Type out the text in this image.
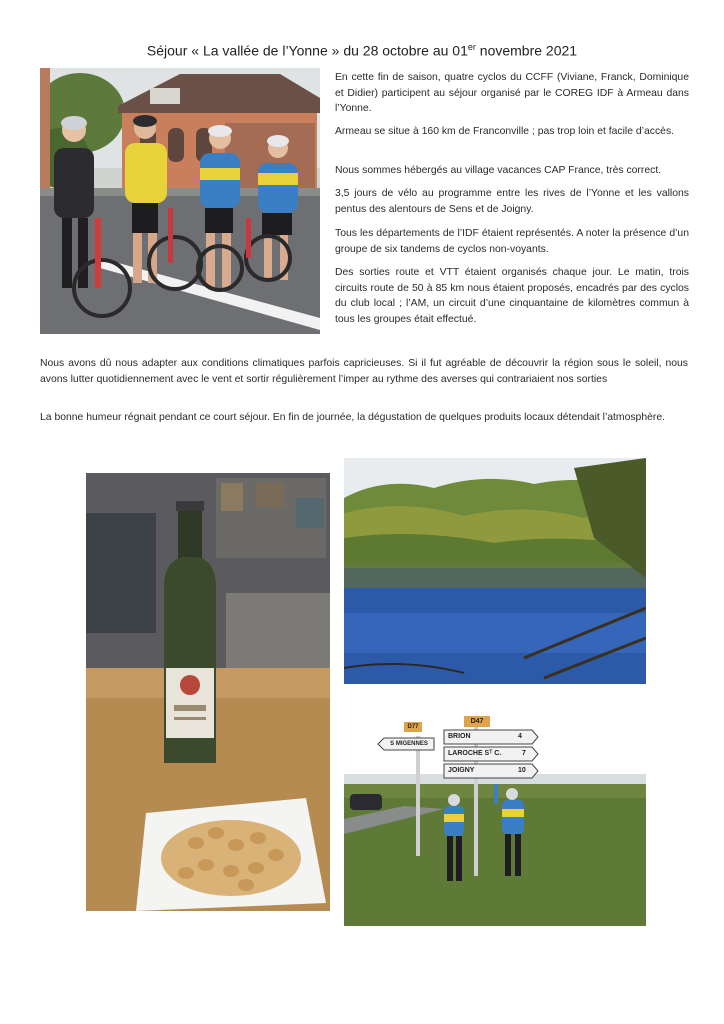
Séjour « La vallée de l’Yonne » du 28 octobre au 01er novembre 2021

En cette fin de saison, quatre cyclos du CCFF (Viviane, Franck, Dominique et Didier) participent au séjour organisé par le COREG IDF à Armeau dans l’Yonne.

Armeau se situe à 160 km de Franconville ; pas trop loin et facile d’accès.

Nous sommes hébergés au village vacances CAP France, très correct.

3,5 jours de vélo au programme entre les rives de l’Yonne et les vallons pentus des alentours de Sens et de Joigny.

Tous les départements de l’IDF étaient représentés. A noter la présence d’un groupe de six tandems de cyclos non-voyants.

Des sorties route et VTT étaient organisés chaque jour. Le matin, trois circuits route de 50 à 85 km nous étaient proposés, encadrés par des cyclos du club local ; l’AM, un circuit d’une cinquantaine de kilomètres commun à tous les groupes était effectué.

Nous avons dû nous adapter aux conditions climatiques parfois capricieuses. Si il fut agréable de découvrir la région sous le soleil, nous avons lutter quotidiennement avec le vent et sortir régulièrement l’imper au rythme des averses qui contrariaient nos sorties

La bonne humeur régnait pendant ce court séjour. En fin de journée, la dégustation de quelques produits locaux détendait l’atmosphère.

D77
D47
S MIGENNES
BRION	4
LAROCHE Sᵀ C.	7
JOIGNY	10
